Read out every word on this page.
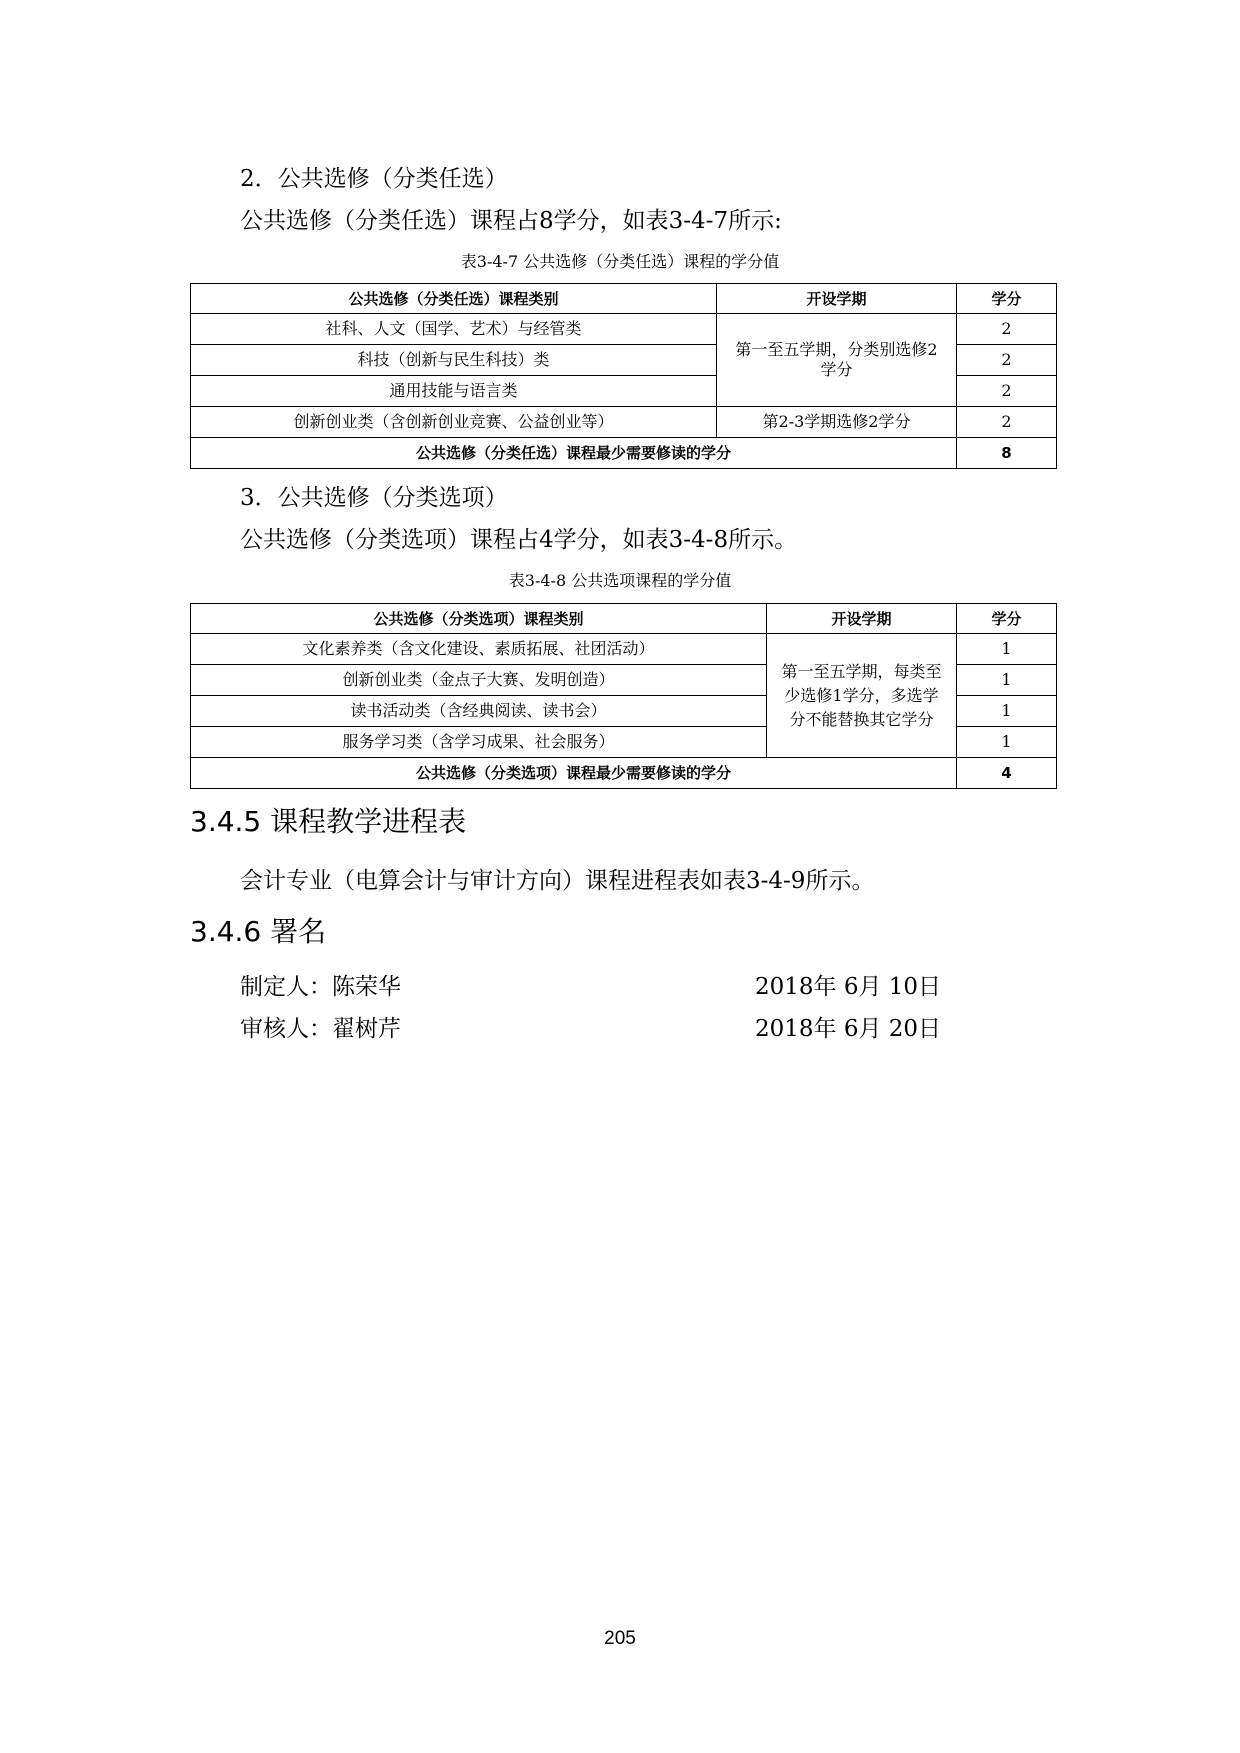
2．公共选修（分类任选）
公共选修（分类任选）课程占8学分，如表3-4-7所示:
表3-4-7 公共选修（分类任选）课程的学分值
公共选修（分类任选）课程类别	开设学期	学分
社科、人文（国学、艺术）与经管类	第一至五学期，分类别选修2学分	2
科技（创新与民生科技）类		2
通用技能与语言类		2
创新创业类（含创新创业竞赛、公益创业等）	第2-3学期选修2学分	2
公共选修（分类任选）课程最少需要修读的学分		8
3．公共选修（分类选项）
公共选修（分类选项）课程占4学分，如表3-4-8所示。
表3-4-8 公共选项课程的学分值
公共选修（分类选项）课程类别	开设学期	学分
文化素养类（含文化建设、素质拓展、社团活动）	第一至五学期，每类至少选修1学分，多选学分不能替换其它学分	1
创新创业类（金点子大赛、发明创造）		1
读书活动类（含经典阅读、读书会）		1
服务学习类（含学习成果、社会服务）		1
公共选修（分类选项）课程最少需要修读的学分		4
3.4.5 课程教学进程表
会计专业（电算会计与审计方向）课程进程表如表3-4-9所示。
3.4.6 署名
制定人：陈荣华	2018年 6月 10日
审核人：翟树芹	2018年 6月 20日
205
